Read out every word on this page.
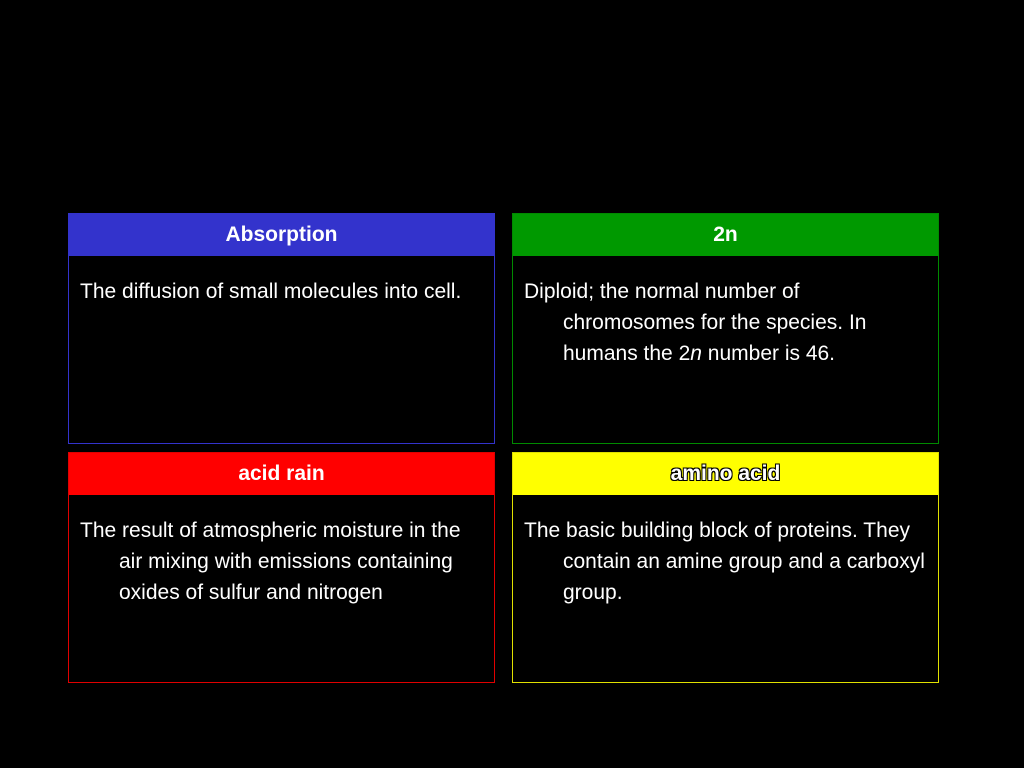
Absorption
The diffusion of small molecules into cell.
2n
Diploid; the normal number of chromosomes for the species. In humans the 2n number is 46.
acid rain
The result of atmospheric moisture in the air mixing with emissions containing oxides of sulfur and nitrogen
amino acid
The basic building block of proteins. They contain an amine group and a carboxyl group.
